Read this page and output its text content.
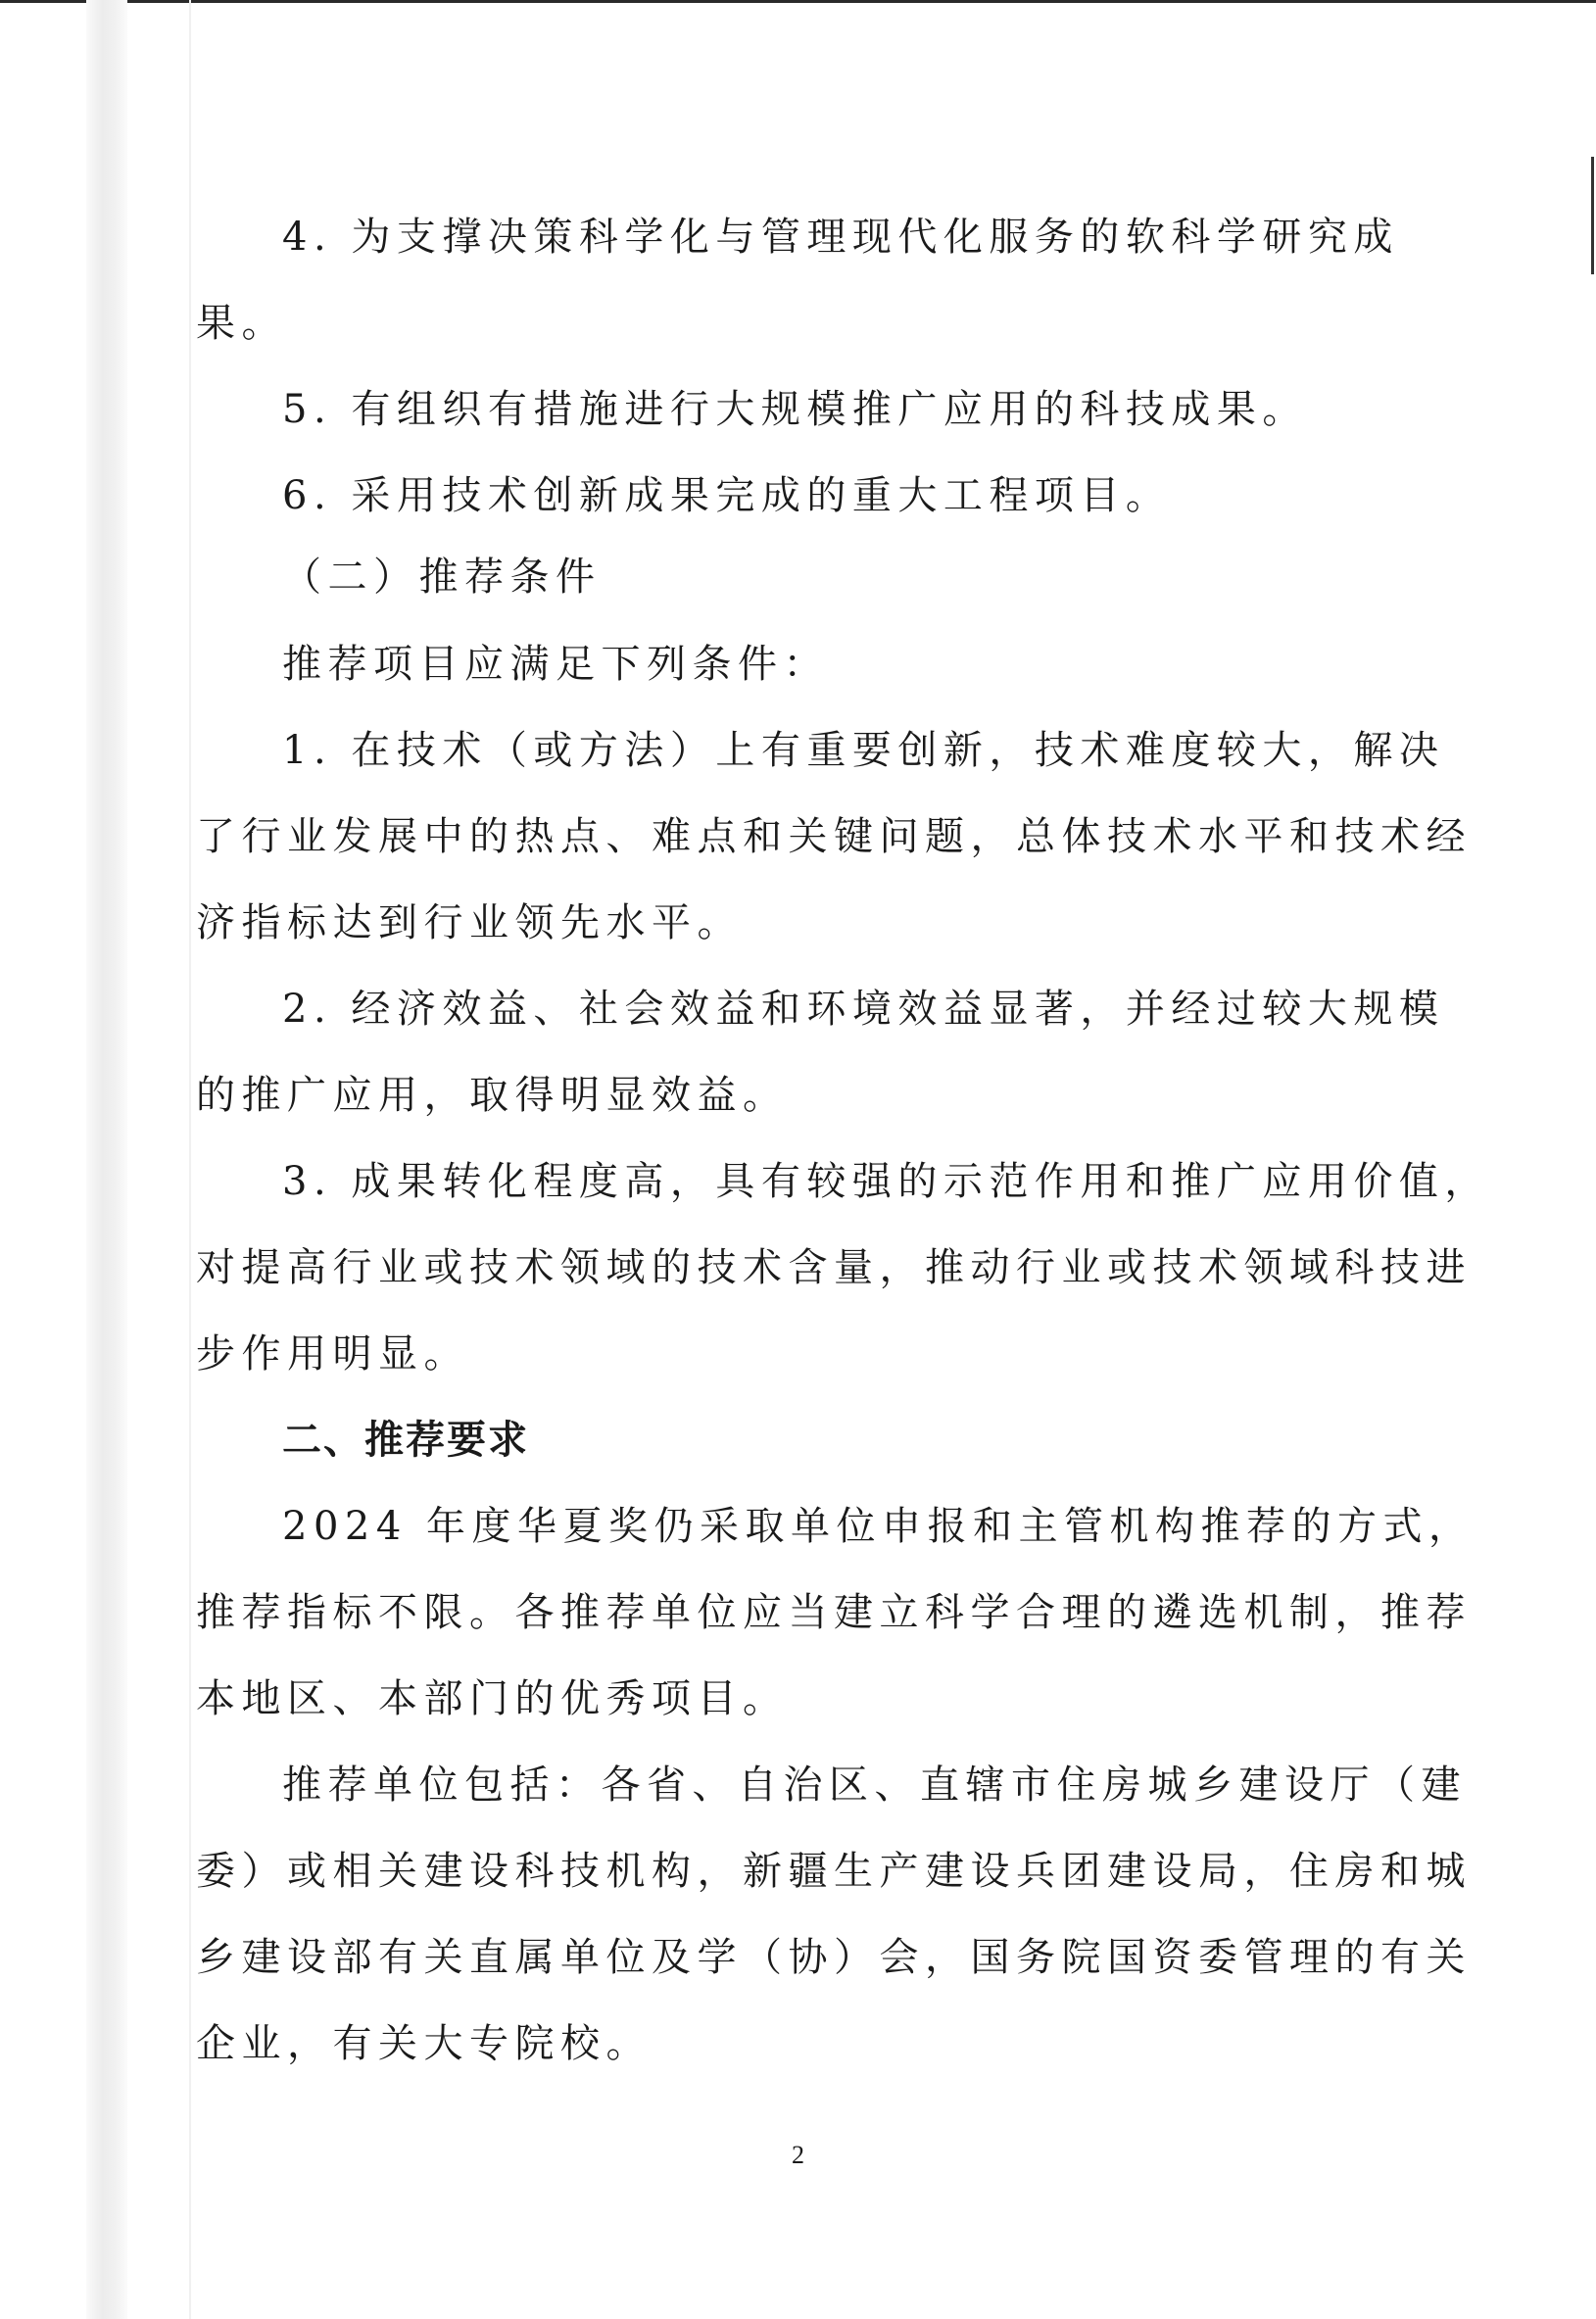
4. 为支撑决策科学化与管理现代化服务的软科学研究成
果。
5. 有组织有措施进行大规模推广应用的科技成果。
6. 采用技术创新成果完成的重大工程项目。
（二）推荐条件
推荐项目应满足下列条件：
1. 在技术（或方法）上有重要创新，技术难度较大，解决
了行业发展中的热点、难点和关键问题，总体技术水平和技术经
济指标达到行业领先水平。
2. 经济效益、社会效益和环境效益显著，并经过较大规模
的推广应用，取得明显效益。
3. 成果转化程度高，具有较强的示范作用和推广应用价值，
对提高行业或技术领域的技术含量，推动行业或技术领域科技进
步作用明显。
二、推荐要求
2024 年度华夏奖仍采取单位申报和主管机构推荐的方式，
推荐指标不限。各推荐单位应当建立科学合理的遴选机制，推荐
本地区、本部门的优秀项目。
推荐单位包括：各省、自治区、直辖市住房城乡建设厅（建
委）或相关建设科技机构，新疆生产建设兵团建设局，住房和城
乡建设部有关直属单位及学（协）会，国务院国资委管理的有关
企业，有关大专院校。
2
